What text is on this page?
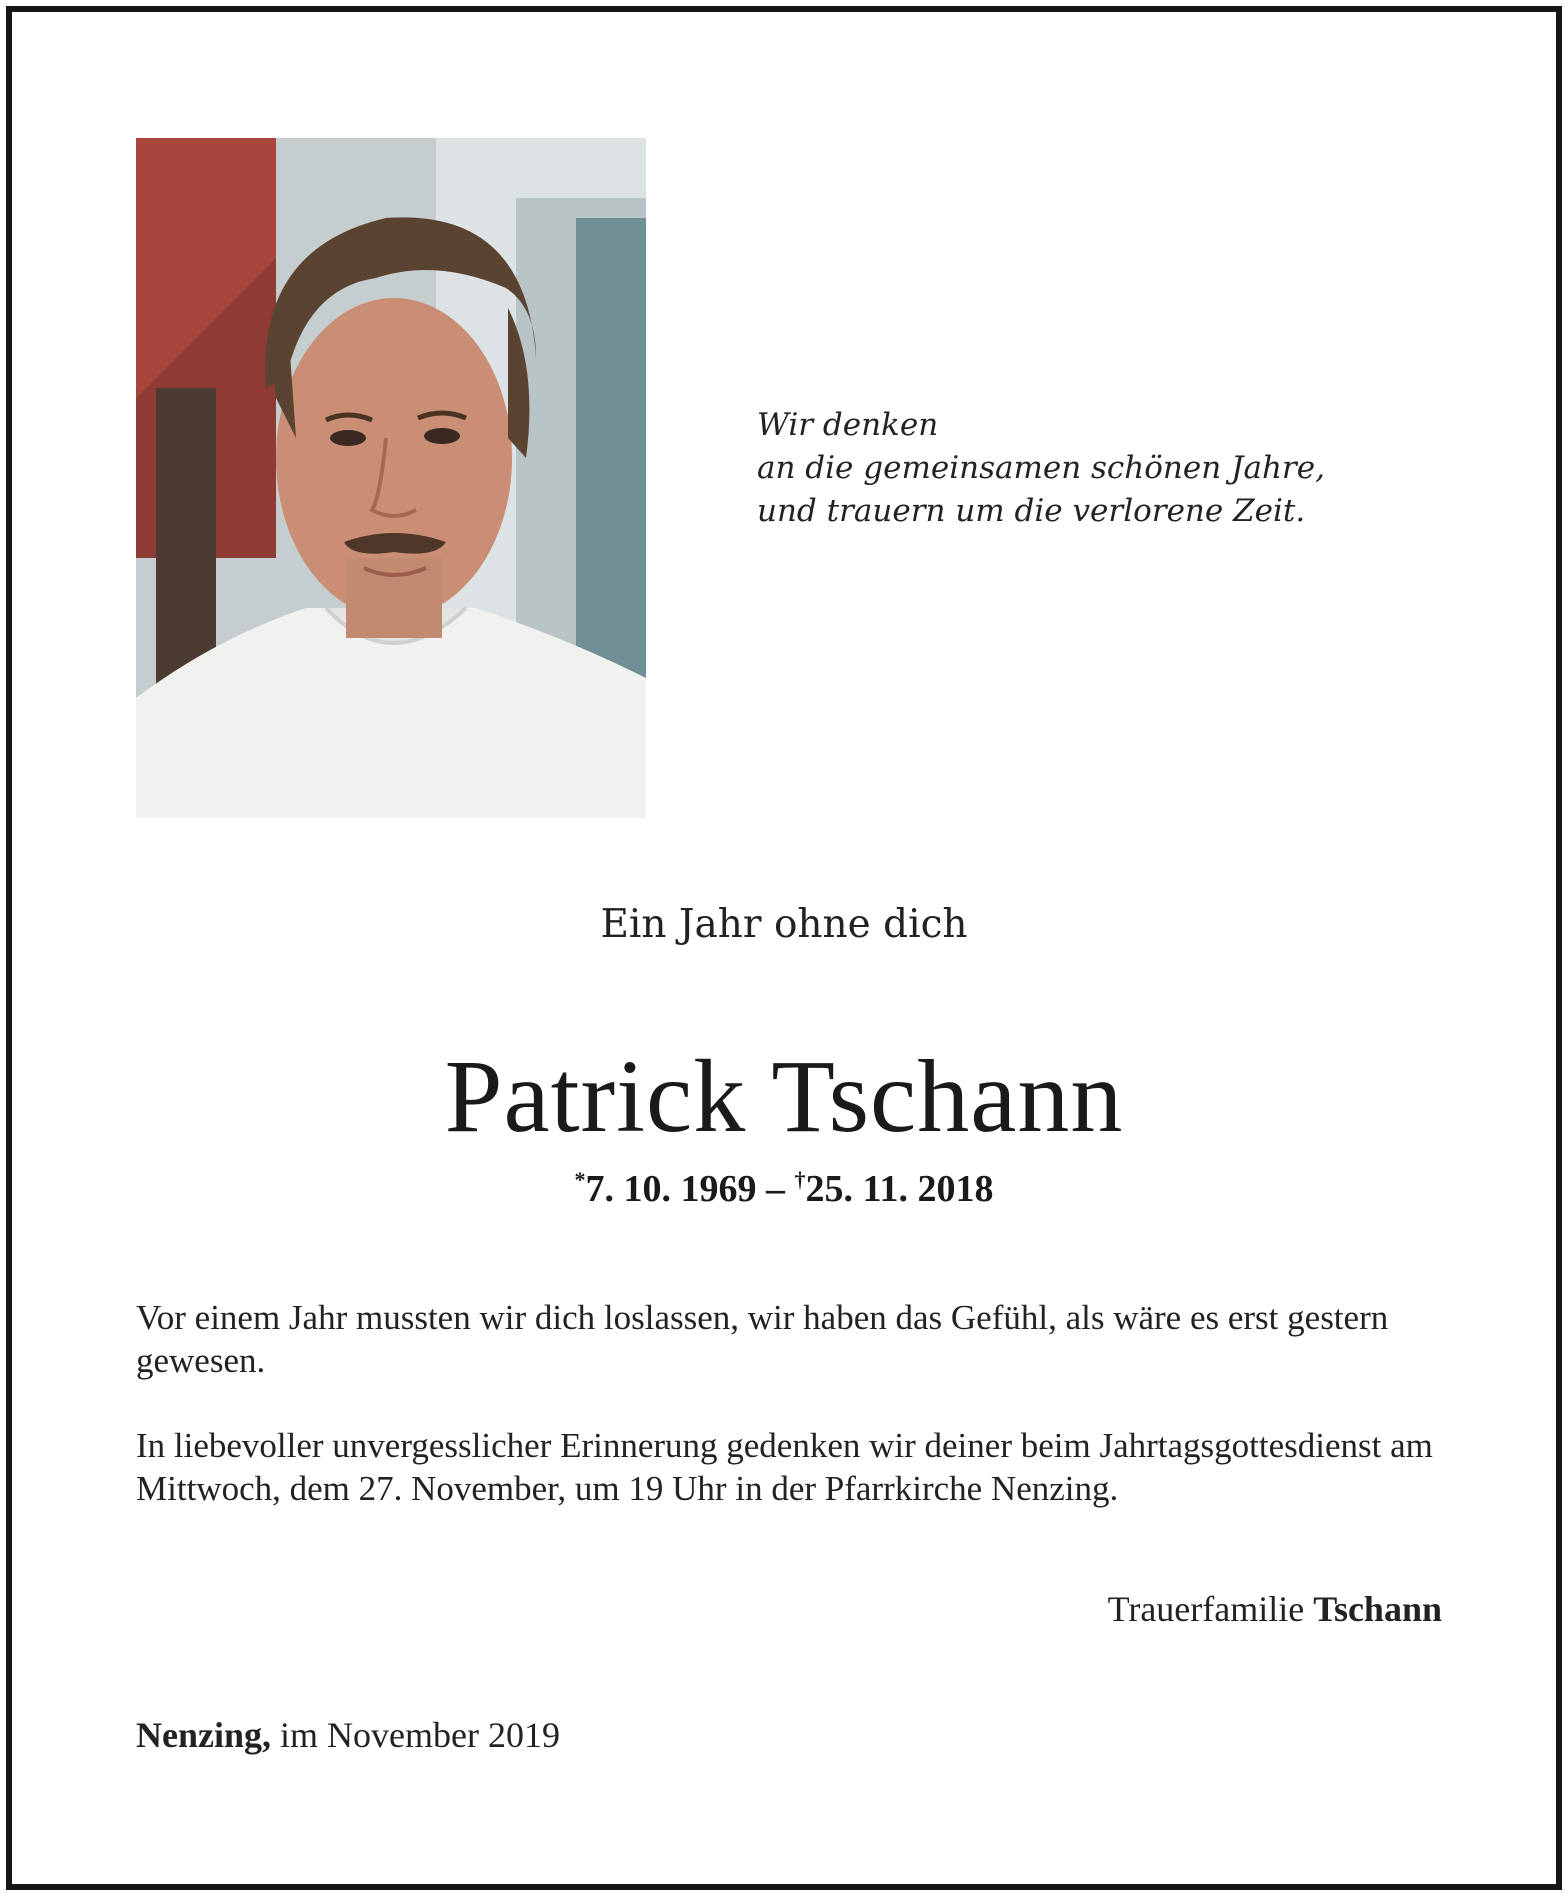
Wir denken
an die gemeinsamen schönen Jahre,
und trauern um die verlorene Zeit.
Ein Jahr ohne dich
Patrick Tschann
*7. 10. 1969 – †25. 11. 2018
Vor einem Jahr mussten wir dich loslassen, wir haben das Gefühl, als wäre es erst gestern gewesen.
In liebevoller unvergesslicher Erinnerung gedenken wir deiner beim Jahrtagsgottesdienst am Mittwoch, dem 27. November, um 19 Uhr in der Pfarrkirche Nenzing.
Trauerfamilie Tschann
Nenzing, im November 2019
